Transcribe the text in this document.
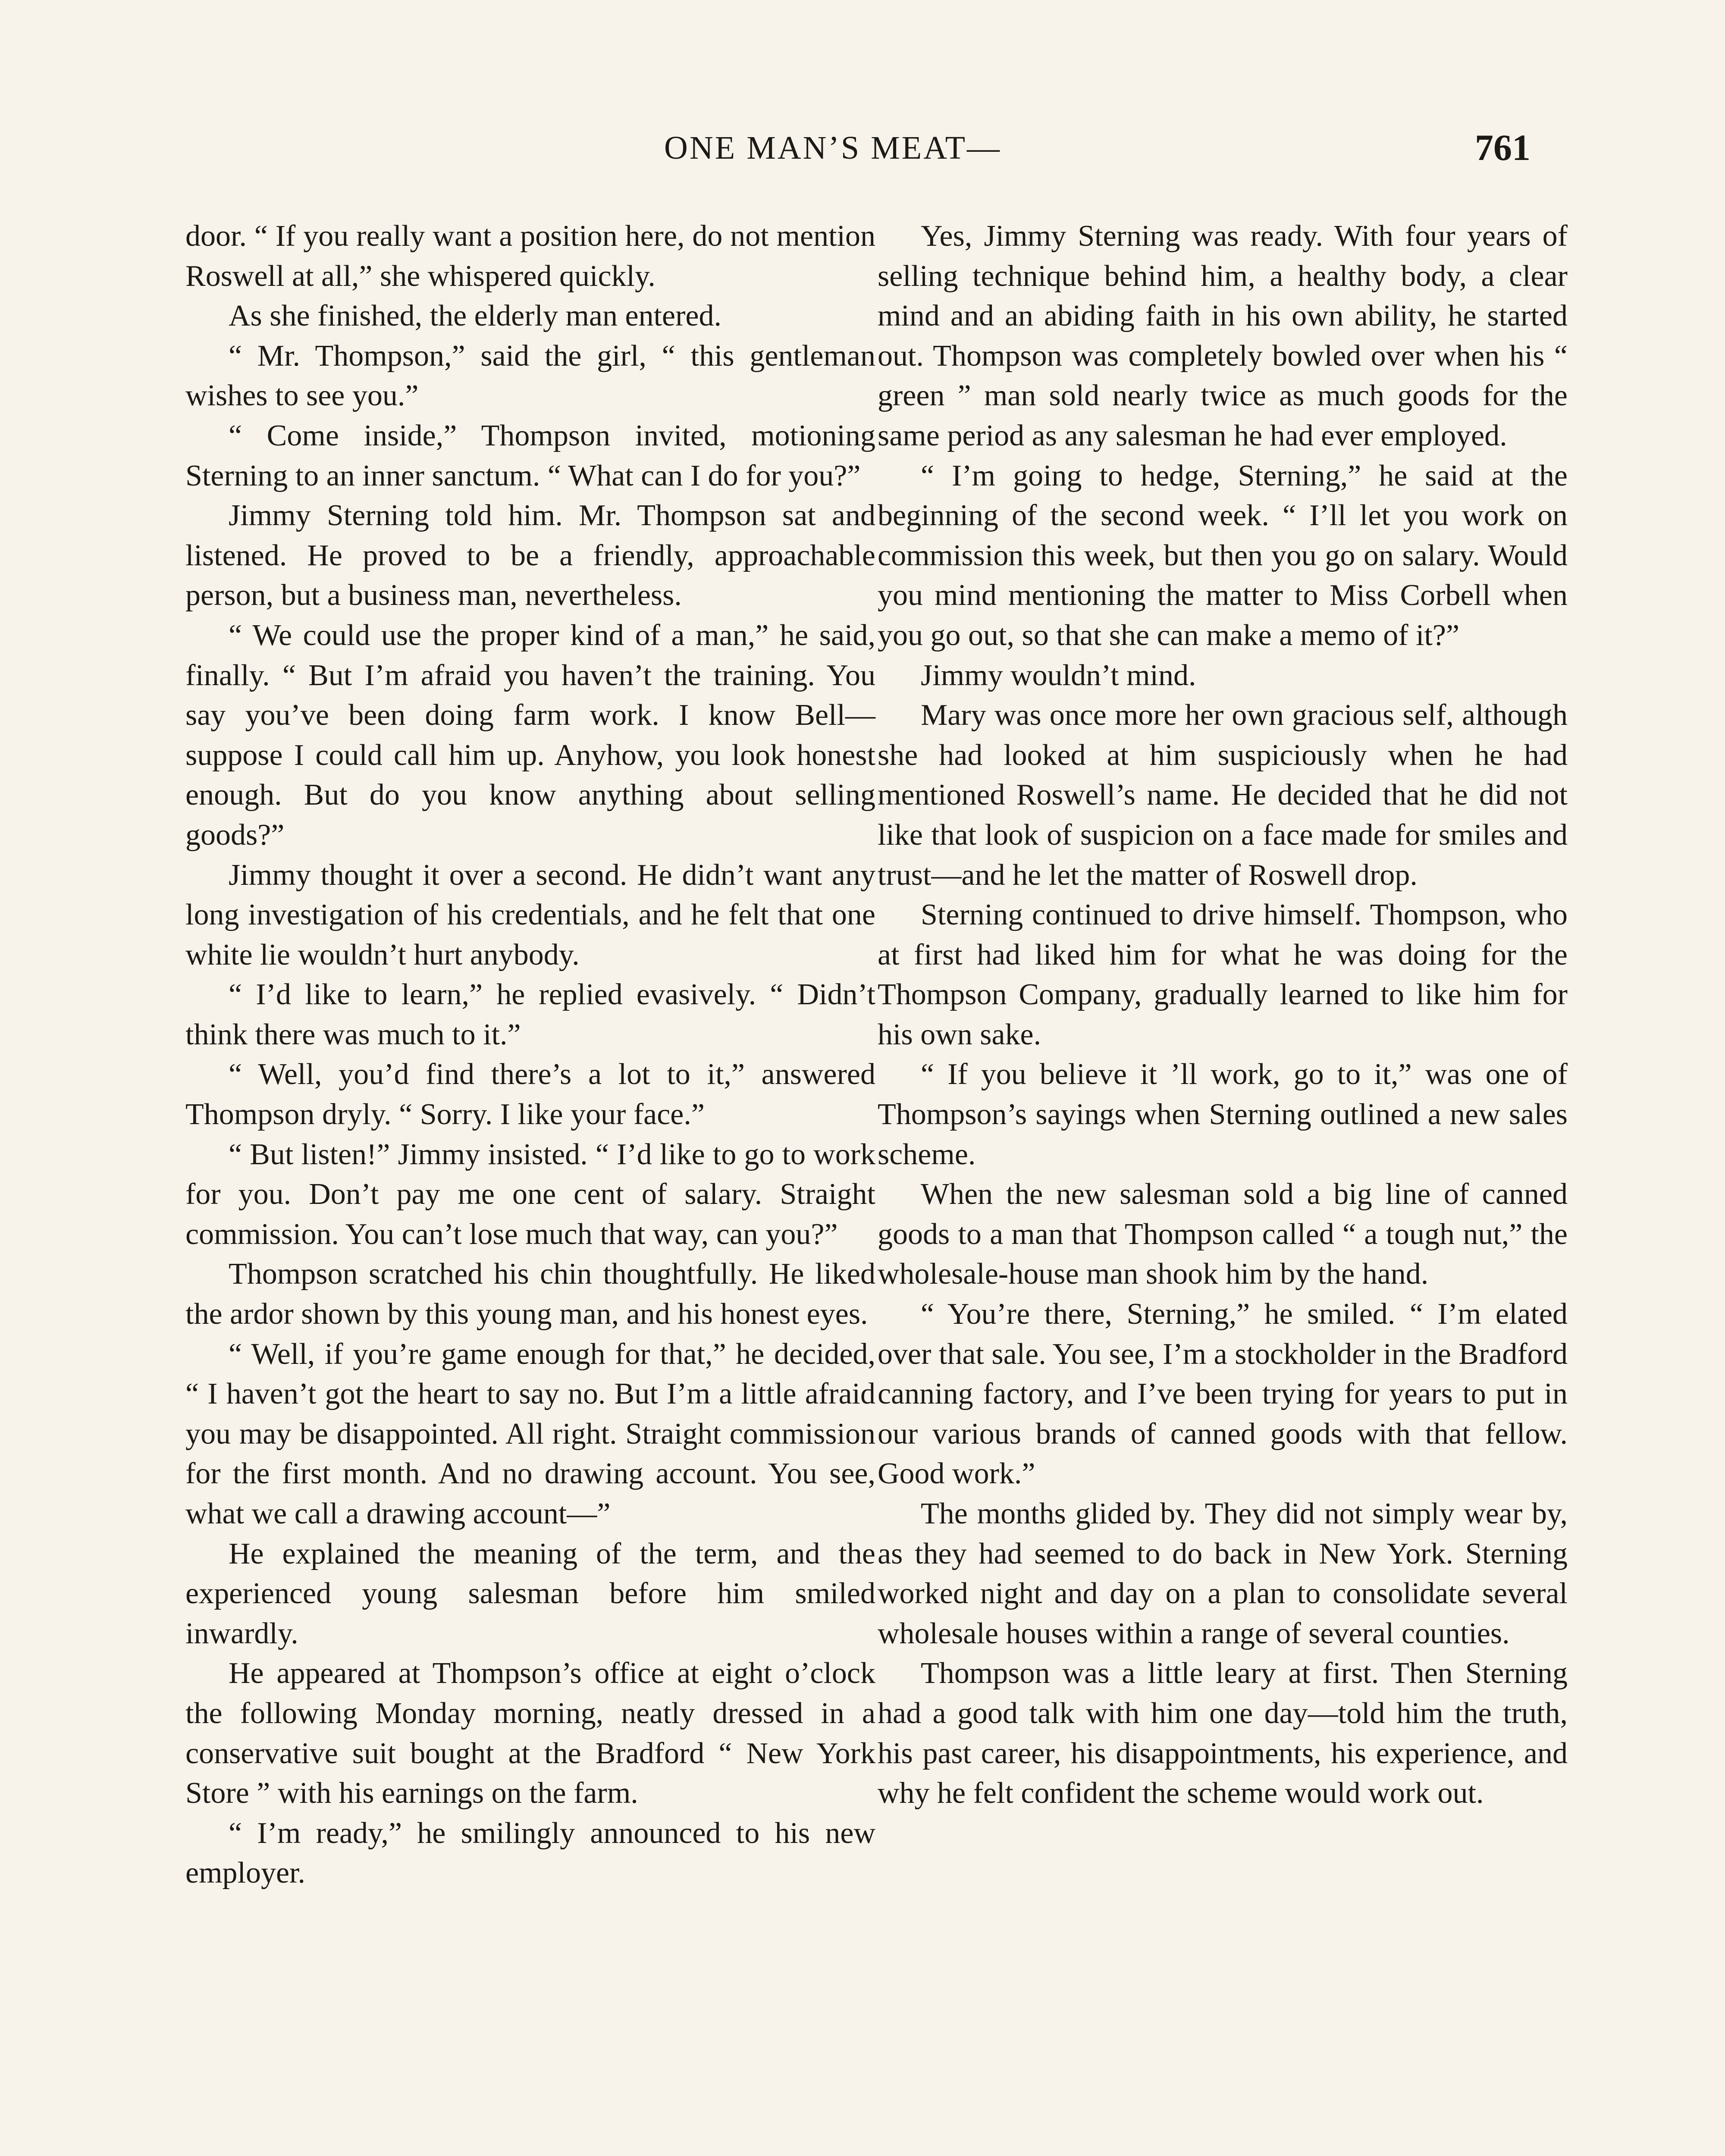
ONE MAN’S MEAT—	761

door. “ If you really want a position here, do not mention Roswell at all,” she whispered quickly.

As she finished, the elderly man entered.

“ Mr. Thompson,” said the girl, “ this gentleman wishes to see you.”

“ Come inside,” Thompson invited, motioning Sterning to an inner sanctum. “ What can I do for you?”

Jimmy Sterning told him. Mr. Thompson sat and listened. He proved to be a friendly, approachable person, but a business man, nevertheless.

“ We could use the proper kind of a man,” he said, finally. “ But I’m afraid you haven’t the training. You say you’ve been doing farm work. I know Bell—suppose I could call him up. Anyhow, you look honest enough. But do you know anything about selling goods?”

Jimmy thought it over a second. He didn’t want any long investigation of his credentials, and he felt that one white lie wouldn’t hurt anybody.

“ I’d like to learn,” he replied evasively. “ Didn’t think there was much to it.”

“ Well, you’d find there’s a lot to it,” answered Thompson dryly. “ Sorry. I like your face.”

“ But listen!” Jimmy insisted. “ I’d like to go to work for you. Don’t pay me one cent of salary. Straight commission. You can’t lose much that way, can you?”

Thompson scratched his chin thoughtfully. He liked the ardor shown by this young man, and his honest eyes.

“ Well, if you’re game enough for that,” he decided, “ I haven’t got the heart to say no. But I’m a little afraid you may be disappointed. All right. Straight commission for the first month. And no drawing account. You see, what we call a drawing account—”

He explained the meaning of the term, and the experienced young salesman before him smiled inwardly.

He appeared at Thompson’s office at eight o’clock the following Monday morning, neatly dressed in a conservative suit bought at the Bradford “ New York Store ” with his earnings on the farm.

“ I’m ready,” he smilingly announced to his new employer.

Yes, Jimmy Sterning was ready. With four years of selling technique behind him, a healthy body, a clear mind and an abiding faith in his own ability, he started out. Thompson was completely bowled over when his “ green ” man sold nearly twice as much goods for the same period as any salesman he had ever employed.

“ I’m going to hedge, Sterning,” he said at the beginning of the second week. “ I’ll let you work on commission this week, but then you go on salary. Would you mind mentioning the matter to Miss Corbell when you go out, so that she can make a memo of it?”

Jimmy wouldn’t mind.

Mary was once more her own gracious self, although she had looked at him suspiciously when he had mentioned Roswell’s name. He decided that he did not like that look of suspicion on a face made for smiles and trust—and he let the matter of Roswell drop.

Sterning continued to drive himself. Thompson, who at first had liked him for what he was doing for the Thompson Company, gradually learned to like him for his own sake.

“ If you believe it ’ll work, go to it,” was one of Thompson’s sayings when Sterning outlined a new sales scheme.

When the new salesman sold a big line of canned goods to a man that Thompson called “ a tough nut,” the wholesale-house man shook him by the hand.

“ You’re there, Sterning,” he smiled. “ I’m elated over that sale. You see, I’m a stockholder in the Bradford canning factory, and I’ve been trying for years to put in our various brands of canned goods with that fellow. Good work.”

The months glided by. They did not simply wear by, as they had seemed to do back in New York. Sterning worked night and day on a plan to consolidate several wholesale houses within a range of several counties.

Thompson was a little leary at first. Then Sterning had a good talk with him one day—told him the truth, his past career, his disappointments, his experience, and why he felt confident the scheme would work out.
